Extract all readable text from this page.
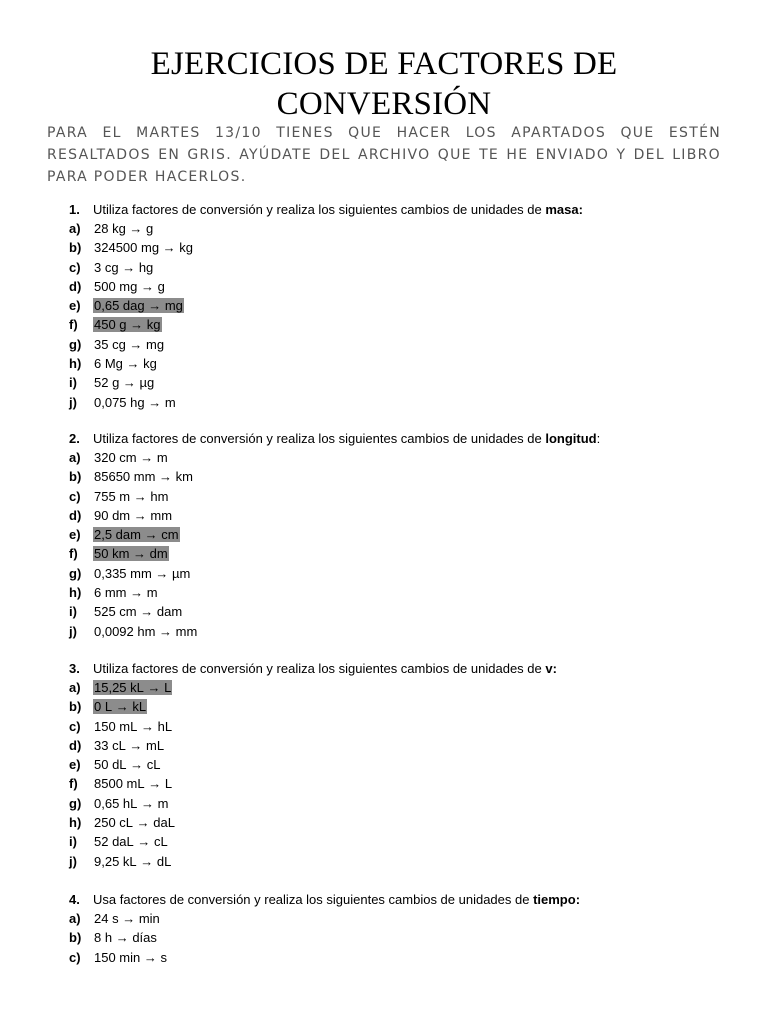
EJERCICIOS DE FACTORES DE
CONVERSIÓN
PARA EL MARTES 13/10 TIENES QUE HACER LOS APARTADOS QUE ESTÉN RESALTADOS EN GRIS. AYÚDATE DEL ARCHIVO QUE TE HE ENVIADO Y DEL LIBRO PARA PODER HACERLOS.
1. Utiliza factores de conversión y realiza los siguientes cambios de unidades de masa:
a) 28 kg → g
b) 324500 mg → kg
c) 3 cg → hg
d) 500 mg → g
e) 0,65 dag → mg
f) 450 g → kg
g) 35 cg → mg
h) 6 Mg → kg
i) 52 g → µg
j) 0,075 hg → m
2. Utiliza factores de conversión y realiza los siguientes cambios de unidades de longitud:
a) 320 cm → m
b) 85650 mm → km
c) 755 m → hm
d) 90 dm → mm
e) 2,5 dam → cm
f) 50 km → dm
g) 0,335 mm → µm
h) 6 mm → m
i) 525 cm → dam
j) 0,0092 hm → mm
3. Utiliza factores de conversión y realiza los siguientes cambios de unidades de v:
a) 15,25 kL → L
b) 0 L → kL
c) 150 mL → hL
d) 33 cL → mL
e) 50 dL → cL
f) 8500 mL → L
g) 0,65 hL → m
h) 250 cL → daL
i) 52 daL → cL
j) 9,25 kL → dL
4. Usa factores de conversión y realiza los siguientes cambios de unidades de tiempo:
a) 24 s → min
b) 8 h → días
c) 150 min → s
